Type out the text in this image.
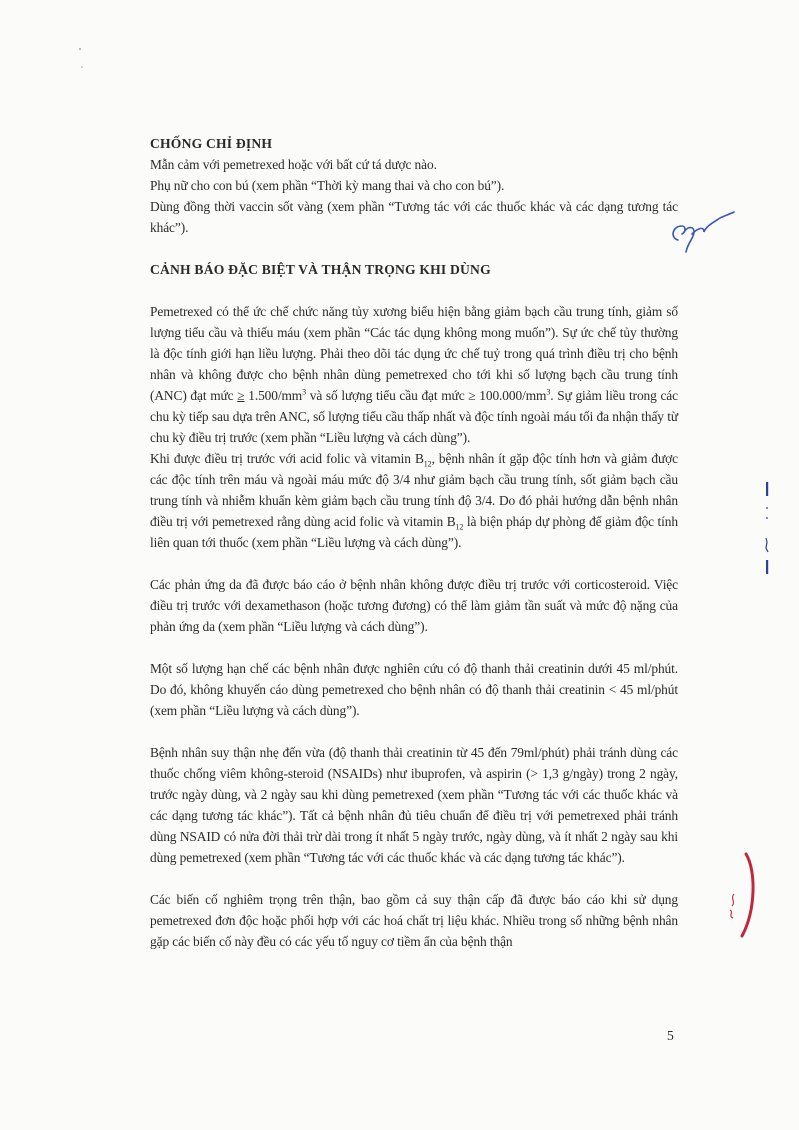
CHỐNG CHỈ ĐỊNH

Mẫn cảm với pemetrexed hoặc với bất cứ tá dược nào.

Phụ nữ cho con bú (xem phần “Thời kỳ mang thai và cho con bú”).

Dùng đồng thời vaccin sốt vàng (xem phần “Tương tác với các thuốc khác và các dạng tương tác khác”).

CẢNH BÁO ĐẶC BIỆT VÀ THẬN TRỌNG KHI DÙNG

Pemetrexed có thể ức chế chức năng tủy xương biểu hiện bằng giảm bạch cầu trung tính, giảm số lượng tiểu cầu và thiếu máu (xem phần “Các tác dụng không mong muốn”). Sự ức chế tủy thường là độc tính giới hạn liều lượng. Phải theo dõi tác dụng ức chế tuỷ trong quá trình điều trị cho bệnh nhân và không được cho bệnh nhân dùng pemetrexed cho tới khi số lượng bạch cầu trung tính (ANC) đạt mức ≥ $1.500/mm^3$ và số lượng tiểu cầu đạt mức ≥ $100.000/mm^3$. Sự giảm liều trong các chu kỳ tiếp sau dựa trên ANC, số lượng tiểu cầu thấp nhất và độc tính ngoài máu tối đa nhận thấy từ chu kỳ điều trị trước (xem phần “Liều lượng và cách dùng”).

Khi được điều trị trước với acid folic và vitamin $B_{12}$, bệnh nhân ít gặp độc tính hơn và giảm được các độc tính trên máu và ngoài máu mức độ 3/4 như giảm bạch cầu trung tính, sốt giảm bạch cầu trung tính và nhiễm khuẩn kèm giảm bạch cầu trung tính độ 3/4. Do đó phải hướng dẫn bệnh nhân điều trị với pemetrexed rằng dùng acid folic và vitamin $B_{12}$ là biện pháp dự phòng để giảm độc tính liên quan tới thuốc (xem phần “Liều lượng và cách dùng”).

Các phản ứng da đã được báo cáo ở bệnh nhân không được điều trị trước với corticosteroid. Việc điều trị trước với dexamethason (hoặc tương đương) có thể làm giảm tần suất và mức độ nặng của phản ứng da (xem phần “Liều lượng và cách dùng”).

Một số lượng hạn chế các bệnh nhân được nghiên cứu có độ thanh thải creatinin dưới 45 ml/phút. Do đó, không khuyến cáo dùng pemetrexed cho bệnh nhân có độ thanh thải creatinin < 45 ml/phút (xem phần “Liều lượng và cách dùng”).

Bệnh nhân suy thận nhẹ đến vừa (độ thanh thải creatinin từ 45 đến 79ml/phút) phải tránh dùng các thuốc chống viêm không-steroid (NSAIDs) như ibuprofen, và aspirin (> 1,3 g/ngày) trong 2 ngày, trước ngày dùng, và 2 ngày sau khi dùng pemetrexed (xem phần “Tương tác với các thuốc khác và các dạng tương tác khác”). Tất cả bệnh nhân đủ tiêu chuẩn để điều trị với pemetrexed phải tránh dùng NSAID có nửa đời thải trừ dài trong ít nhất 5 ngày trước, ngày dùng, và ít nhất 2 ngày sau khi dùng pemetrexed (xem phần “Tương tác với các thuốc khác và các dạng tương tác khác”).

Các biến cố nghiêm trọng trên thận, bao gồm cả suy thận cấp đã được báo cáo khi sử dụng pemetrexed đơn độc hoặc phối hợp với các hoá chất trị liệu khác. Nhiều trong số những bệnh nhân gặp các biến cố này đều có các yếu tố nguy cơ tiềm ẩn của bệnh thận

5
